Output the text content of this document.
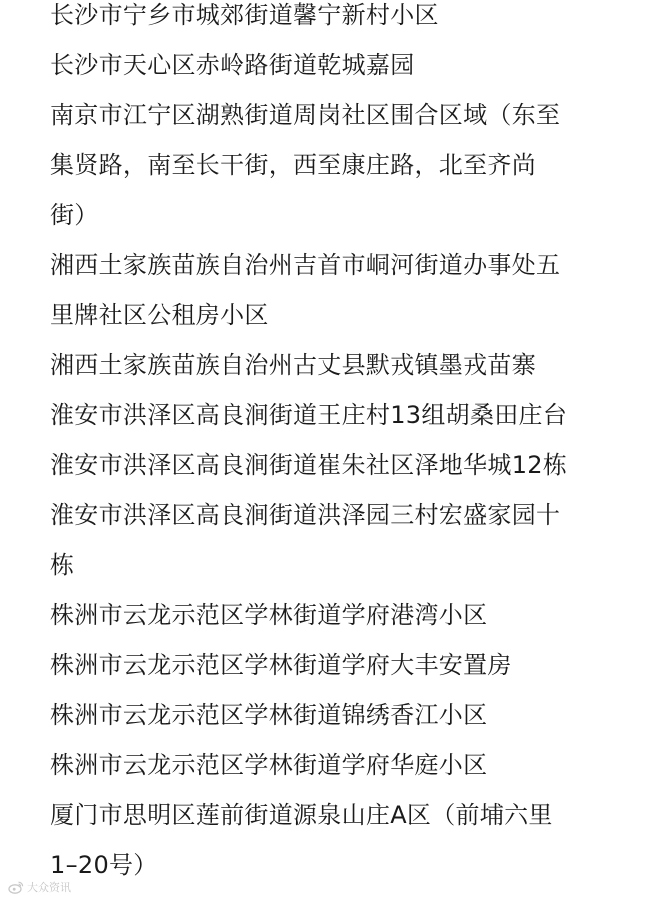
长沙市宁乡市城郊街道馨宁新村小区
长沙市天心区赤岭路街道乾城嘉园
南京市江宁区湖熟街道周岗社区围合区域（东至
集贤路，南至长干街，西至康庄路，北至齐尚
街）
湘西土家族苗族自治州吉首市峒河街道办事处五
里牌社区公租房小区
湘西土家族苗族自治州古丈县默戎镇墨戎苗寨
淮安市洪泽区高良涧街道王庄村13组胡桑田庄台
淮安市洪泽区高良涧街道崔朱社区泽地华城12栋
淮安市洪泽区高良涧街道洪泽园三村宏盛家园十
栋
株洲市云龙示范区学林街道学府港湾小区
株洲市云龙示范区学林街道学府大丰安置房
株洲市云龙示范区学林街道锦绣香江小区
株洲市云龙示范区学林街道学府华庭小区
厦门市思明区莲前街道源泉山庄A区（前埔六里
1–20号）
大众资讯
